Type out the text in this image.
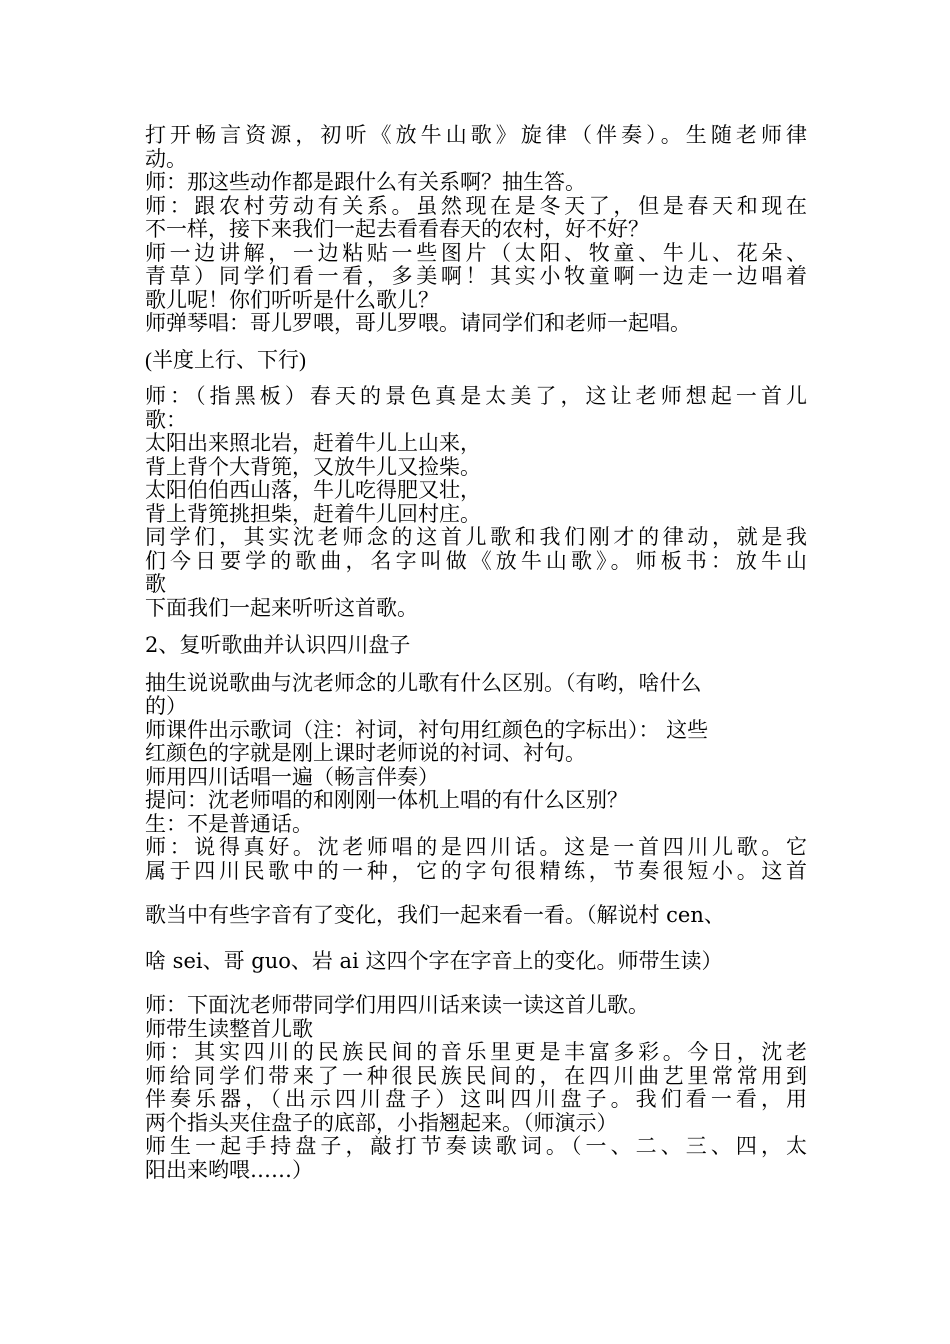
打开畅言资源，初听《放牛山歌》旋律（伴奏）。生随老师律
动。
师：那这些动作都是跟什么有关系啊？抽生答。
师：跟农村劳动有关系。虽然现在是冬天了，但是春天和现在
不一样，接下来我们一起去看看春天的农村，好不好？
师一边讲解，一边粘贴一些图片（太阳、牧童、牛儿、花朵、
青草）同学们看一看，多美啊！其实小牧童啊一边走一边唱着
歌儿呢！你们听听是什么歌儿？
师弹琴唱：哥儿罗喂，哥儿罗喂。请同学们和老师一起唱。
(半度上行、下行)
师：（指黑板）春天的景色真是太美了，这让老师想起一首儿
歌：
太阳出来照北岩，赶着牛儿上山来，
背上背个大背篼，又放牛儿又捡柴。
太阳伯伯西山落，牛儿吃得肥又壮，
背上背篼挑担柴，赶着牛儿回村庄。
同学们，其实沈老师念的这首儿歌和我们刚才的律动，就是我
们今日要学的歌曲，名字叫做《放牛山歌》。师板书：放牛山
歌
下面我们一起来听听这首歌。
2、复听歌曲并认识四川盘子
抽生说说歌曲与沈老师念的儿歌有什么区别。（有哟，啥什么
的）
师课件出示歌词（注：衬词，衬句用红颜色的字标出）： 这些
红颜色的字就是刚上课时老师说的衬词、衬句。
师用四川话唱一遍（畅言伴奏）
提问：沈老师唱的和刚刚一体机上唱的有什么区别？
生：不是普通话。
师：说得真好。沈老师唱的是四川话。这是一首四川儿歌。它
属于四川民歌中的一种，它的字句很精练，节奏很短小。这首
歌当中有些字音有了变化，我们一起来看一看。（解说村 cen、
啥 sei、哥 guo、岩 ai 这四个字在字音上的变化。师带生读）
师：下面沈老师带同学们用四川话来读一读这首儿歌。
师带生读整首儿歌
师：其实四川的民族民间的音乐里更是丰富多彩。今日，沈老
师给同学们带来了一种很民族民间的，在四川曲艺里常常用到
伴奏乐器，（出示四川盘子）这叫四川盘子。我们看一看，用
两个指头夹住盘子的底部，小指翘起来。（师演示）
师生一起手持盘子，敲打节奏读歌词。（一、二、三、四，太
阳出来哟喂……）
